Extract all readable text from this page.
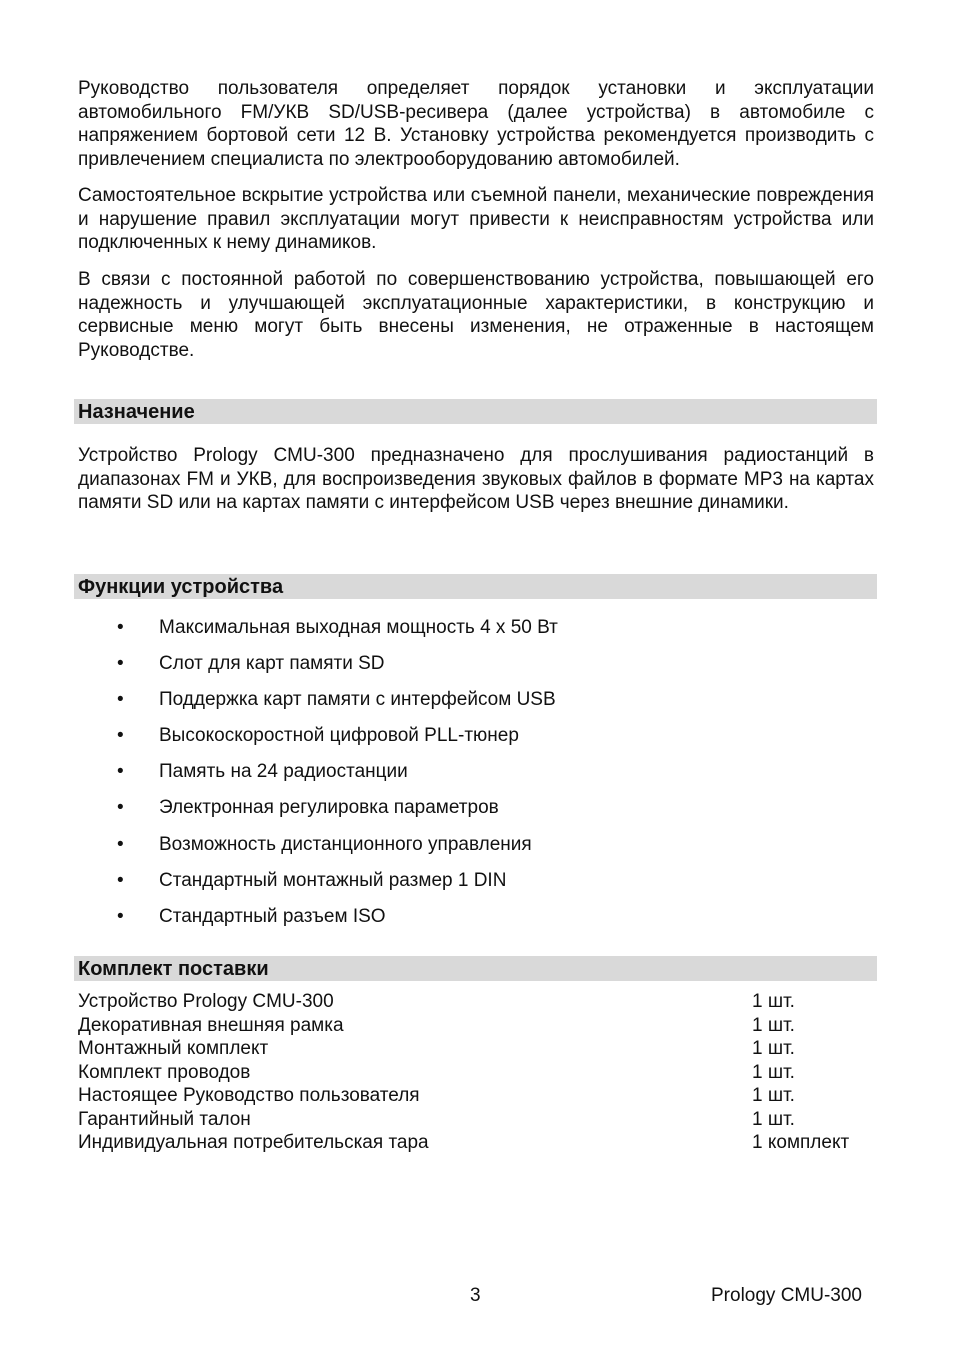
Руководство пользователя определяет порядок установки и эксплуатации автомобильного FM/УКВ SD/USB-ресивера (далее устройства) в автомобиле с напряжением бортовой сети 12 В. Установку устройства рекомендуется производить с привлечением специалиста по электрооборудованию автомобилей.

Самостоятельное вскрытие устройства или съемной панели, механические повреждения и нарушение правил эксплуатации могут привести к неисправностям устройства или подключенных к нему динамиков.

В связи с постоянной работой по совершенствованию устройства, повышающей его надежность и улучшающей эксплуатационные характеристики, в конструкцию и сервисные меню могут быть внесены изменения, не отраженные в настоящем Руководстве.

Назначение

Устройство Prology CMU-300 предназначено для прослушивания радиостанций в диапазонах FM и УКВ, для воспроизведения звуковых файлов в формате MP3 на картах памяти SD или на картах памяти с интерфейсом USB через внешние динамики.

Функции устройства
• Максимальная выходная мощность 4 x 50 Вт
• Слот для карт памяти SD
• Поддержка карт памяти с интерфейсом USB
• Высокоскоростной цифровой PLL-тюнер
• Память на 24 радиостанции
• Электронная регулировка параметров
• Возможность дистанционного управления
• Стандартный монтажный размер 1 DIN
• Стандартный разъем ISO
Комплект поставки
Устройство Prology CMU-300	1 шт.
Декоративная внешняя рамка	1 шт.
Монтажный комплект	1 шт.
Комплект проводов	1 шт.
Настоящее Руководство пользователя	1 шт.
Гарантийный талон	1 шт.
Индивидуальная потребительская тара	1 комплект
3	Prology CMU-300
